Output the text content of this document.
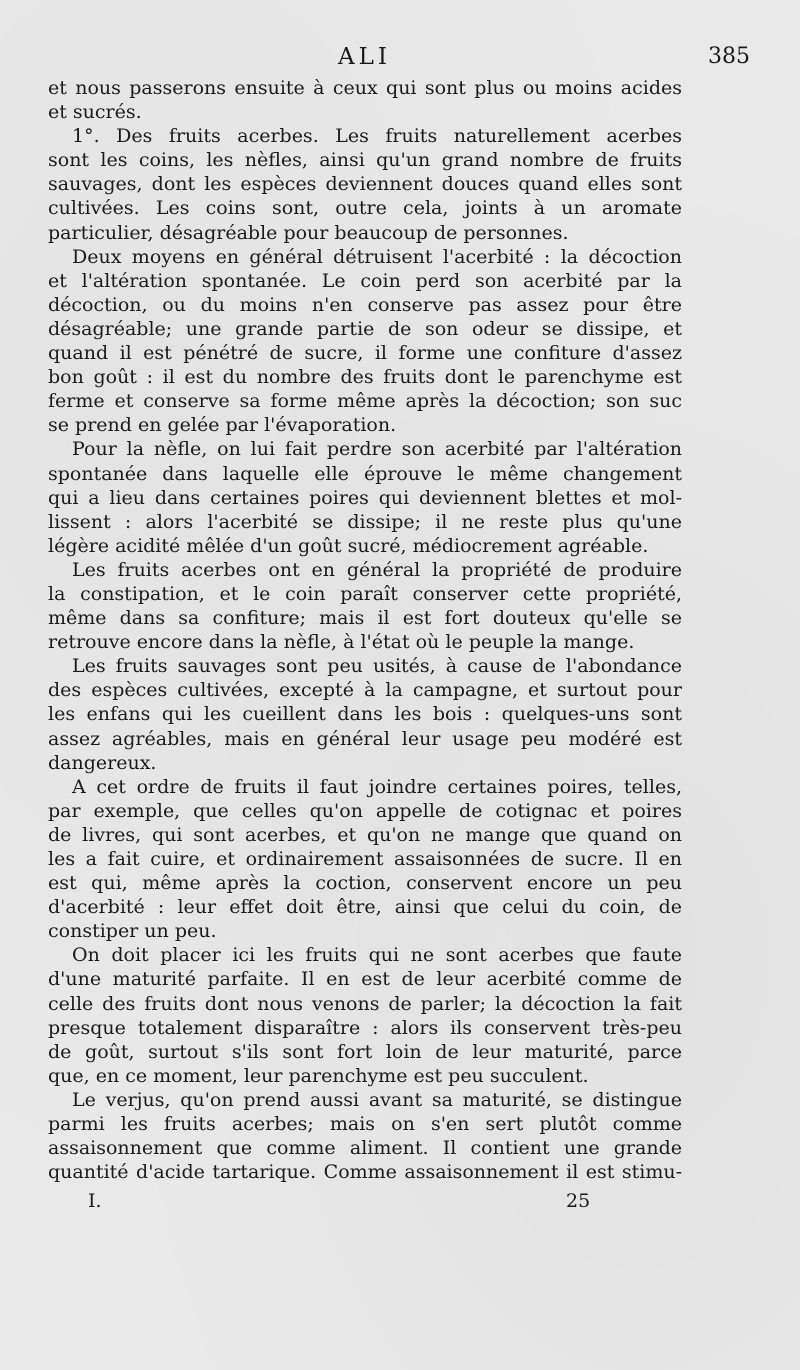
ALI	385
et nous passerons ensuite à ceux qui sont plus ou moins acides
et sucrés.
1°. Des fruits acerbes. Les fruits naturellement acerbes
sont les coins, les nèfles, ainsi qu'un grand nombre de fruits
sauvages, dont les espèces deviennent douces quand elles sont
cultivées. Les coins sont, outre cela, joints à un aromate
particulier, désagréable pour beaucoup de personnes.
Deux moyens en général détruisent l'acerbité : la décoction
et l'altération spontanée. Le coin perd son acerbité par la
décoction, ou du moins n'en conserve pas assez pour être
désagréable; une grande partie de son odeur se dissipe, et
quand il est pénétré de sucre, il forme une confiture d'assez
bon goût : il est du nombre des fruits dont le parenchyme est
ferme et conserve sa forme même après la décoction; son suc
se prend en gelée par l'évaporation.
Pour la nèfle, on lui fait perdre son acerbité par l'altération
spontanée dans laquelle elle éprouve le même changement
qui a lieu dans certaines poires qui deviennent blettes et mol-
lissent : alors l'acerbité se dissipe; il ne reste plus qu'une
légère acidité mêlée d'un goût sucré, médiocrement agréable.
Les fruits acerbes ont en général la propriété de produire
la constipation, et le coin paraît conserver cette propriété,
même dans sa confiture; mais il est fort douteux qu'elle se
retrouve encore dans la nèfle, à l'état où le peuple la mange.
Les fruits sauvages sont peu usités, à cause de l'abondance
des espèces cultivées, excepté à la campagne, et surtout pour
les enfans qui les cueillent dans les bois : quelques-uns sont
assez agréables, mais en général leur usage peu modéré est
dangereux.
A cet ordre de fruits il faut joindre certaines poires, telles,
par exemple, que celles qu'on appelle de cotignac et poires
de livres, qui sont acerbes, et qu'on ne mange que quand on
les a fait cuire, et ordinairement assaisonnées de sucre. Il en
est qui, même après la coction, conservent encore un peu
d'acerbité : leur effet doit être, ainsi que celui du coin, de
constiper un peu.
On doit placer ici les fruits qui ne sont acerbes que faute
d'une maturité parfaite. Il en est de leur acerbité comme de
celle des fruits dont nous venons de parler; la décoction la fait
presque totalement disparaître : alors ils conservent très-peu
de goût, surtout s'ils sont fort loin de leur maturité, parce
que, en ce moment, leur parenchyme est peu succulent.
Le verjus, qu'on prend aussi avant sa maturité, se distingue
parmi les fruits acerbes; mais on s'en sert plutôt comme
assaisonnement que comme aliment. Il contient une grande
quantité d'acide tartarique. Comme assaisonnement il est stimu-
I.	25
